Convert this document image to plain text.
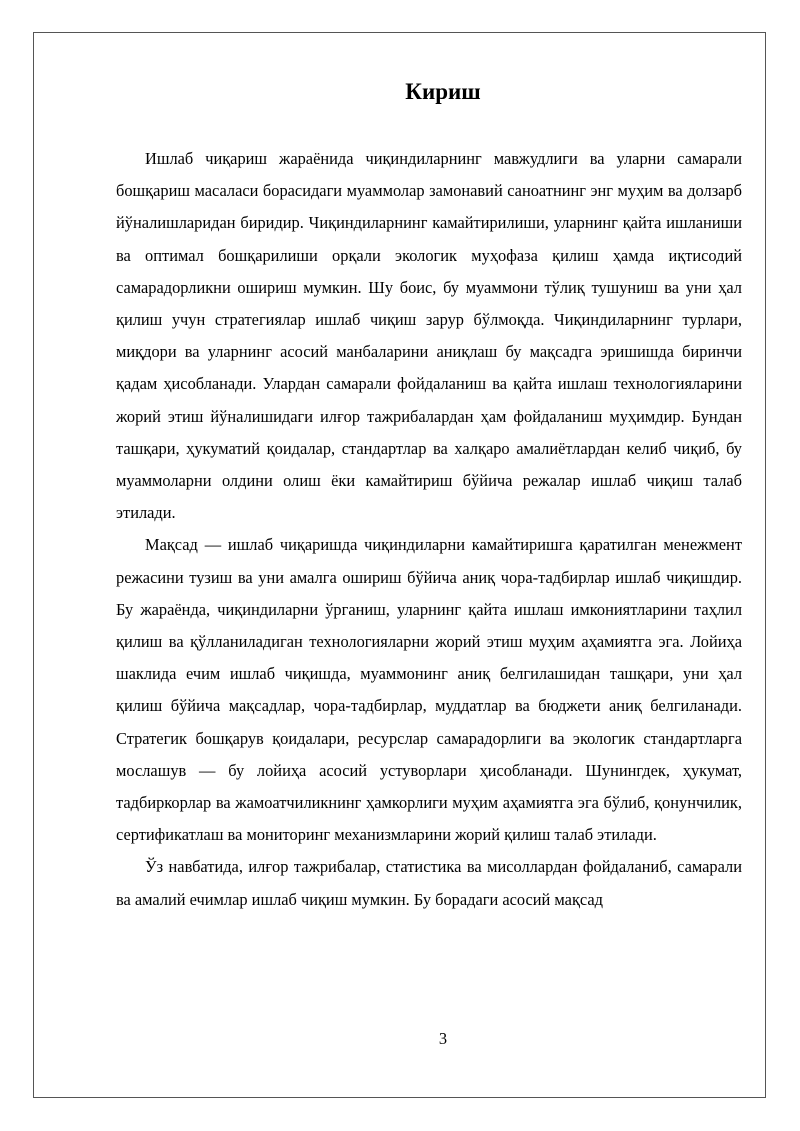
Кириш

Ишлаб чиқариш жараёнида чиқиндиларнинг мавжудлиги ва уларни самарали бошқариш масаласи борасидаги муаммолар замонавий саноатнинг энг муҳим ва долзарб йўналишларидан биридир. Чиқиндиларнинг камайтирилиши, уларнинг қайта ишланиши ва оптимал бошқарилиши орқали экологик муҳофаза қилиш ҳамда иқтисодий самарадорликни ошириш мумкин. Шу боис, бу муаммони тўлиқ тушуниш ва уни ҳал қилиш учун стратегиялар ишлаб чиқиш зарур бўлмоқда. Чиқиндиларнинг турлари, миқдори ва уларнинг асосий манбаларини аниқлаш бу мақсадга эришишда биринчи қадам ҳисобланади. Улардан самарали фойдаланиш ва қайта ишлаш технологияларини жорий этиш йўналишидаги илғор тажрибалардан ҳам фойдаланиш муҳимдир. Бундан ташқари, ҳукуматий қоидалар, стандартлар ва халқаро амалиётлардан келиб чиқиб, бу муаммоларни олдини олиш ёки камайтириш бўйича режалар ишлаб чиқиш талаб этилади.

Мақсад — ишлаб чиқаришда чиқиндиларни камайтиришга қаратилган менежмент режасини тузиш ва уни амалга ошириш бўйича аниқ чора-тадбирлар ишлаб чиқишдир. Бу жараёнда, чиқиндиларни ўрганиш, уларнинг қайта ишлаш имкониятларини таҳлил қилиш ва қўлланиладиган технологияларни жорий этиш муҳим аҳамиятга эга. Лойиҳа шаклида ечим ишлаб чиқишда, муаммонинг аниқ белгилашидан ташқари, уни ҳал қилиш бўйича мақсадлар, чора-тадбирлар, муддатлар ва бюджети аниқ белгиланади. Стратегик бошқарув қоидалари, ресурслар самарадорлиги ва экологик стандартларга мослашув — бу лойиҳа асосий устуворлари ҳисобланади. Шунингдек, ҳукумат, тадбиркорлар ва жамоатчиликнинг ҳамкорлиги муҳим аҳамиятга эга бўлиб, қонунчилик, сертификатлаш ва мониторинг механизмларини жорий қилиш талаб этилади.

Ўз навбатида, илғор тажрибалар, статистика ва мисоллардан фойдаланиб, самарали ва амалий ечимлар ишлаб чиқиш мумкин. Бу борадаги асосий мақсад

3
